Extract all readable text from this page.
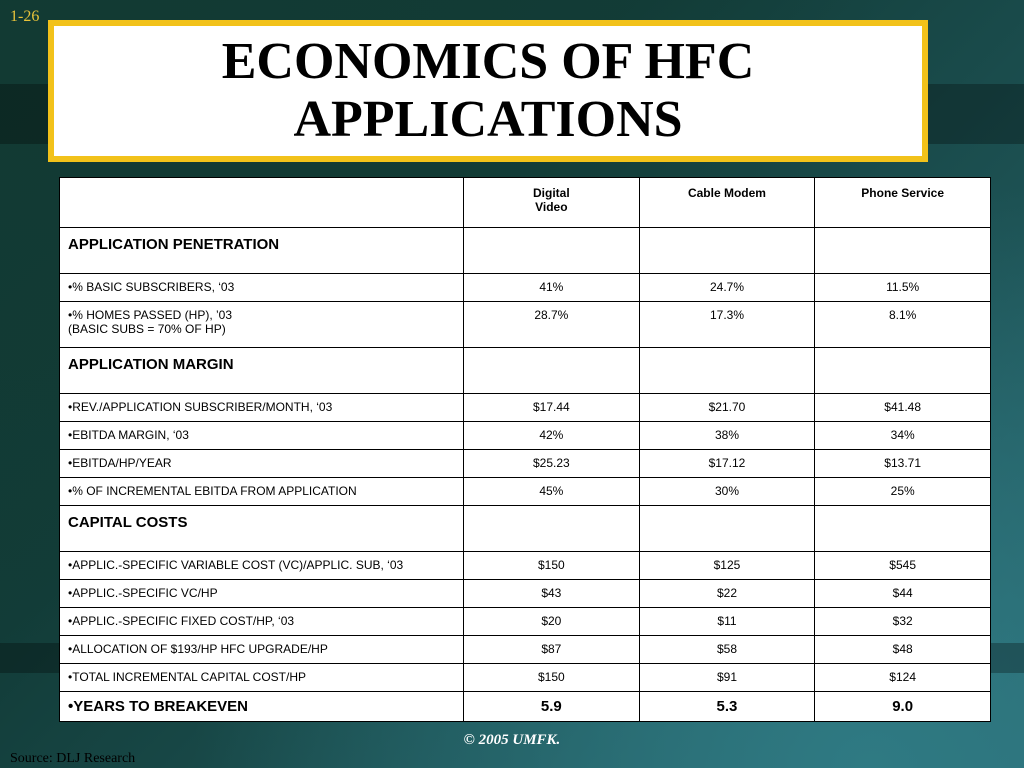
1-26
ECONOMICS OF HFC APPLICATIONS
	Digital
Video	Cable Modem	Phone Service
APPLICATION PENETRATION			
•% BASIC SUBSCRIBERS, ‘03	41%	24.7%	11.5%
•% HOMES PASSED (HP), ’03
(BASIC SUBS = 70% OF HP)	28.7%	17.3%	8.1%
APPLICATION MARGIN			
•REV./APPLICATION SUBSCRIBER/MONTH, ‘03	$17.44	$21.70	$41.48
•EBITDA MARGIN, ‘03	42%	38%	34%
•EBITDA/HP/YEAR	$25.23	$17.12	$13.71
•% OF INCREMENTAL EBITDA FROM APPLICATION	45%	30%	25%
CAPITAL COSTS			
•APPLIC.-SPECIFIC VARIABLE COST (VC)/APPLIC. SUB, ‘03	$150	$125	$545
•APPLIC.-SPECIFIC VC/HP	$43	$22	$44
•APPLIC.-SPECIFIC FIXED COST/HP, ‘03	$20	$11	$32
•ALLOCATION OF $193/HP HFC UPGRADE/HP	$87	$58	$48
•TOTAL INCREMENTAL CAPITAL COST/HP	$150	$91	$124
•YEARS TO BREAKEVEN	5.9	5.3	9.0
© 2005 UMFK.
Source: DLJ Research
